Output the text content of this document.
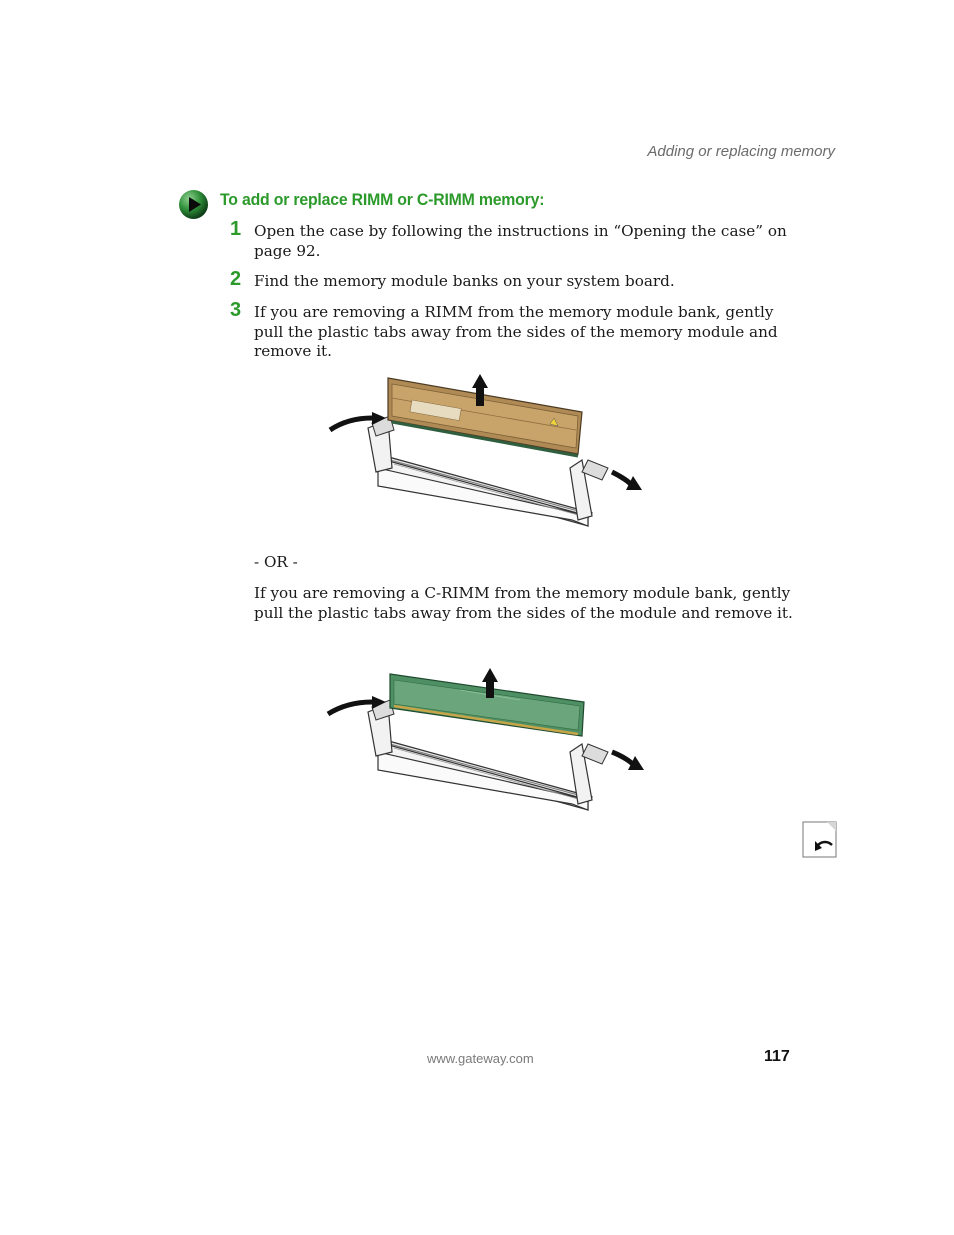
Adding or replacing memory
To add or replace RIMM or C-RIMM memory:
1 Open the case by following the instructions in “Opening the case” on page 92.
2 Find the memory module banks on your system board.
3 If you are removing a RIMM from the memory module bank, gently pull the plastic tabs away from the sides of the memory module and remove it.
- OR -
If you are removing a C-RIMM from the memory module bank, gently pull the plastic tabs away from the sides of the module and remove it.
www.gateway.com	117
